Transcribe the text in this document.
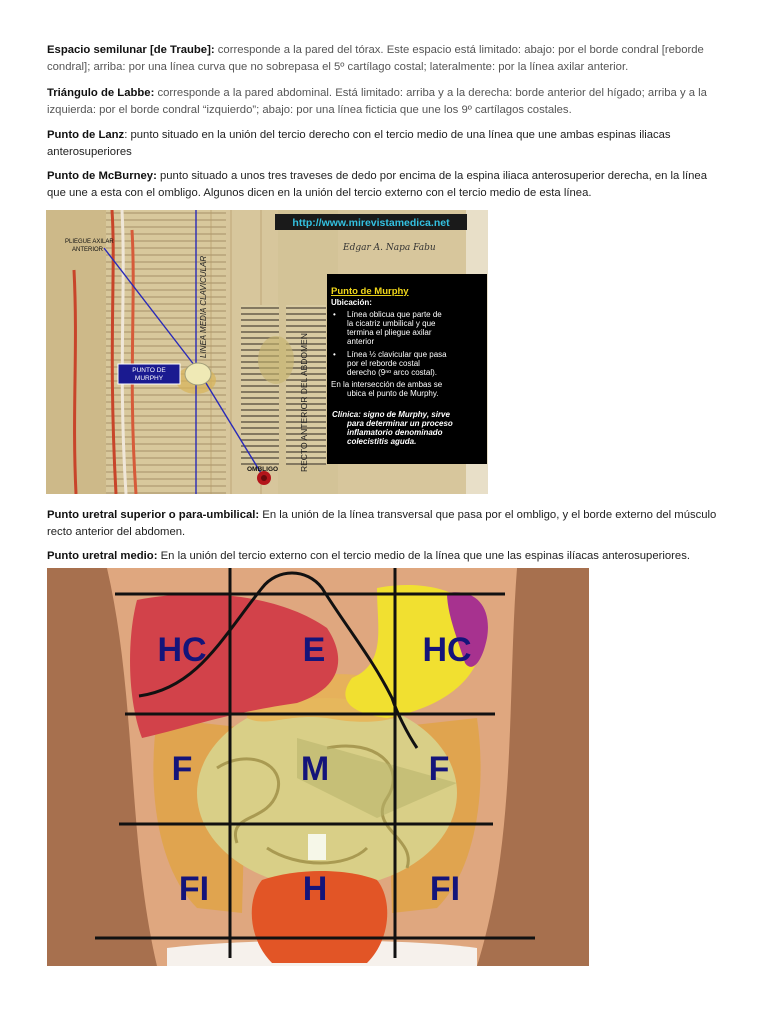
Espacio semilunar [de Traube]: corresponde a la pared del tórax. Este espacio está limitado: abajo: por el borde condral [reborde condral]; arriba: por una línea curva que no sobrepasa el 5º cartílago costal; lateralmente: por la línea axilar anterior.
Triángulo de Labbe: corresponde a la pared abdominal. Está limitado: arriba y a la derecha: borde anterior del hígado; arriba y a la izquierda: por el borde condral “izquierdo”; abajo: por una línea ficticia que une los 9º cartílagos costales.
Punto de Lanz: punto situado en la unión del tercio derecho con el tercio medio de una línea que une ambas espinas iliacas anterosuperiores
Punto de McBurney: punto situado a unos tres traveses de dedo por encima de la espina iliaca anterosuperior derecha, en la línea que une a esta con el ombligo. Algunos dicen en la unión del tercio externo con el tercio medio de esta línea.
Punto uretral superior o para-umbilical: En la unión de la línea transversal que pasa por el ombligo, y el borde externo del músculo recto anterior del abdomen.
Punto uretral medio: En la unión del tercio externo con el tercio medio de la línea que une las espinas ilíacas anterosuperiores.
PLIEGUE AXILAR
ANTERIOR
LINEA MEDIA CLAVICULAR
RECTO ANTERIOR DEL ABDOMEN
PUNTO DE
MURPHY
OMBLIGO
http://www.mirevistamedica.net
Edgar A. Napa Fabu
Punto de Murphy
Ubicación:
• Línea oblicua que parte de
la cicatriz umbilical y que
termina el pliegue axilar
anterior
• Línea ½ clavicular que pasa
por el reborde costal
derecho (9ⁿᵒ arco costal).
En la intersección de ambas se
ubica el punto de Murphy.
Clínica: signo de Murphy, sirve
para determinar un proceso
inflamatorio denominado
colecistitis aguda.
HC	E	HC
F	M	F
FI	H	FI
